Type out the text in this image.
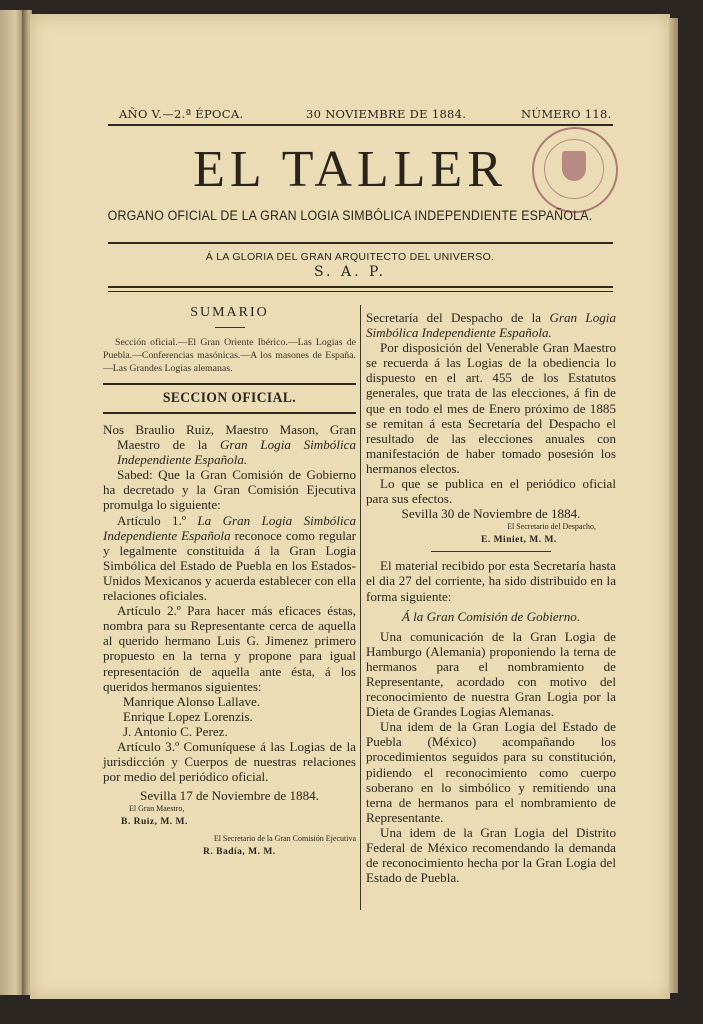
AÑO V.—2.ª ÉPOCA.	30 NOVIEMBRE DE 1884.	NÚMERO 118.
EL TALLER
ORGANO OFICIAL DE LA GRAN LOGIA SIMBÓLICA INDEPENDIENTE ESPAÑOLA.
Á LA GLORIA DEL GRAN ARQUITECTO DEL UNIVERSO.
S. A. P.

SUMARIO

Sección oficial.—El Gran Oriente Ibérico.—Las Logias de Puebla.—Conferencias masónicas.—A los masones de España.—Las Grandes Logias alemanas.

SECCION OFICIAL.

Nos Braulio Ruiz, Maestro Mason, Gran Maestro de la Gran Logia Simbólica Independiente Española.

Sabed: Que la Gran Comisión de Gobierno ha decretado y la Gran Comisión Ejecutiva promulga lo siguiente:

Artículo 1.º La Gran Logia Simbólica Independiente Española reconoce como regular y legalmente constituida á la Gran Logia Simbólica del Estado de Puebla en los Estados-Unidos Mexicanos y acuerda establecer con ella relaciones oficiales.

Artículo 2.º Para hacer más eficaces éstas, nombra para su Representante cerca de aquella al querido hermano Luis G. Jimenez primero propuesto en la terna y propone para igual representación de aquella ante ésta, á los queridos hermanos siguientes:

Manrique Alonso Lallave.

Enrique Lopez Lorenzis.

J. Antonio C. Perez.

Artículo 3.º Comuníquese á las Logias de la jurisdicción y Cuerpos de nuestras relaciones por medio del periódico oficial.

Sevilla 17 de Noviembre de 1884.

El Gran Maestro,

B. Ruiz, M. M.

El Secretario de la Gran Comisión Ejecutiva

R. Badía, M. M.

Secretaría del Despacho de la Gran Logia Simbólica Independiente Española.

Por disposición del Venerable Gran Maestro se recuerda á las Logias de la obediencia lo dispuesto en el art. 455 de los Estatutos generales, que trata de las elecciones, á fin de que en todo el mes de Enero próximo de 1885 se remitan á esta Secretaría del Despacho el resultado de las elecciones anuales con manifestación de haber tomado posesión los hermanos electos.

Lo que se publica en el periódico oficial para sus efectos.

Sevilla 30 de Noviembre de 1884.

El Secretario del Despacho,

E. Miniet, M. M.

El material recibido por esta Secretaría hasta el dia 27 del corriente, ha sido distribuido en la forma siguiente:

Á la Gran Comisión de Gobierno.

Una comunicación de la Gran Logia de Hamburgo (Alemania) proponiendo la terna de hermanos para el nombramiento de Representante, acordado con motivo del reconocimiento de nuestra Gran Logia por la Dieta de Grandes Logias Alemanas.

Una idem de la Gran Logia del Estado de Puebla (México) acompañando los procedimientos seguidos para su constitución, pidiendo el reconocimiento como cuerpo soberano en lo simbólico y remitiendo una terna de hermanos para el nombramiento de Representante.

Una idem de la Gran Logia del Distrito Federal de México recomendando la demanda de reconocimiento hecha por la Gran Logia del Estado de Puebla.
